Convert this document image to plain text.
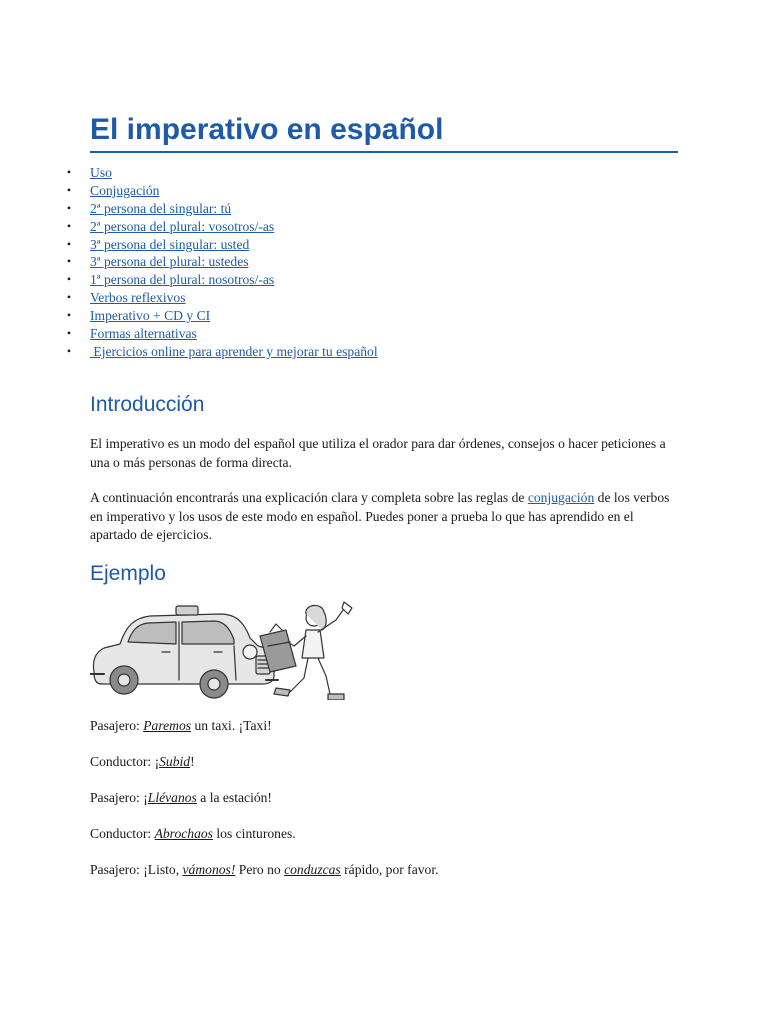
El imperativo en español
• Uso
• Conjugación
• 2ª persona del singular: tú
• 2ª persona del plural: vosotros/-as
• 3ª persona del singular: usted
• 3ª persona del plural: ustedes
• 1ª persona del plural: nosotros/-as
• Verbos reflexivos
• Imperativo + CD y CI
• Formas alternativas
• Ejercicios online para aprender y mejorar tu español
Introducción

El imperativo es un modo del español que utiliza el orador para dar órdenes, consejos o hacer peticiones a una o más personas de forma directa.

A continuación encontrarás una explicación clara y completa sobre las reglas de conjugación de los verbos en imperativo y los usos de este modo en español. Puedes poner a prueba lo que has aprendido en el apartado de ejercicios.

Ejemplo

Pasajero: Paremos un taxi. ¡Taxi!

Conductor: ¡Subid!

Pasajero: ¡Llévanos a la estación!

Conductor: Abrochaos los cinturones.

Pasajero: ¡Listo, vámonos! Pero no conduzcas rápido, por favor.
